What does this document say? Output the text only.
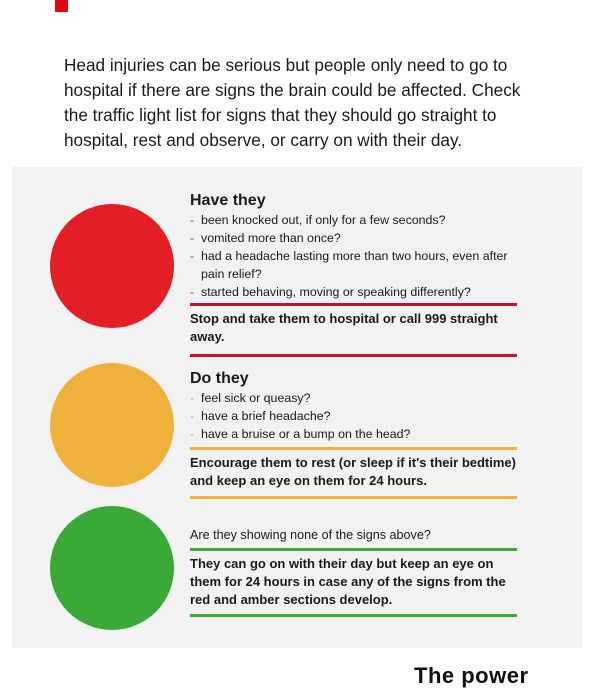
Head injuries can be serious but people only need to go to hospital if there are signs the brain could be affected. Check the traffic light list for signs that they should go straight to hospital, rest and observe, or carry on with their day.

Have they

- been knocked out, if only for a few seconds?
- vomited more than once?
- had a headache lasting more than two hours, even after pain relief?
- started behaving, moving or speaking differently?

Stop and take them to hospital or call 999 straight away.

Do they

- feel sick or queasy?
- have a brief headache?
- have a bruise or a bump on the head?

Encourage them to rest (or sleep if it's their bedtime) and keep an eye on them for 24 hours.

Are they showing none of the signs above?

They can go on with their day but keep an eye on them for 24 hours in case any of the signs from the red and amber sections develop.

The power
